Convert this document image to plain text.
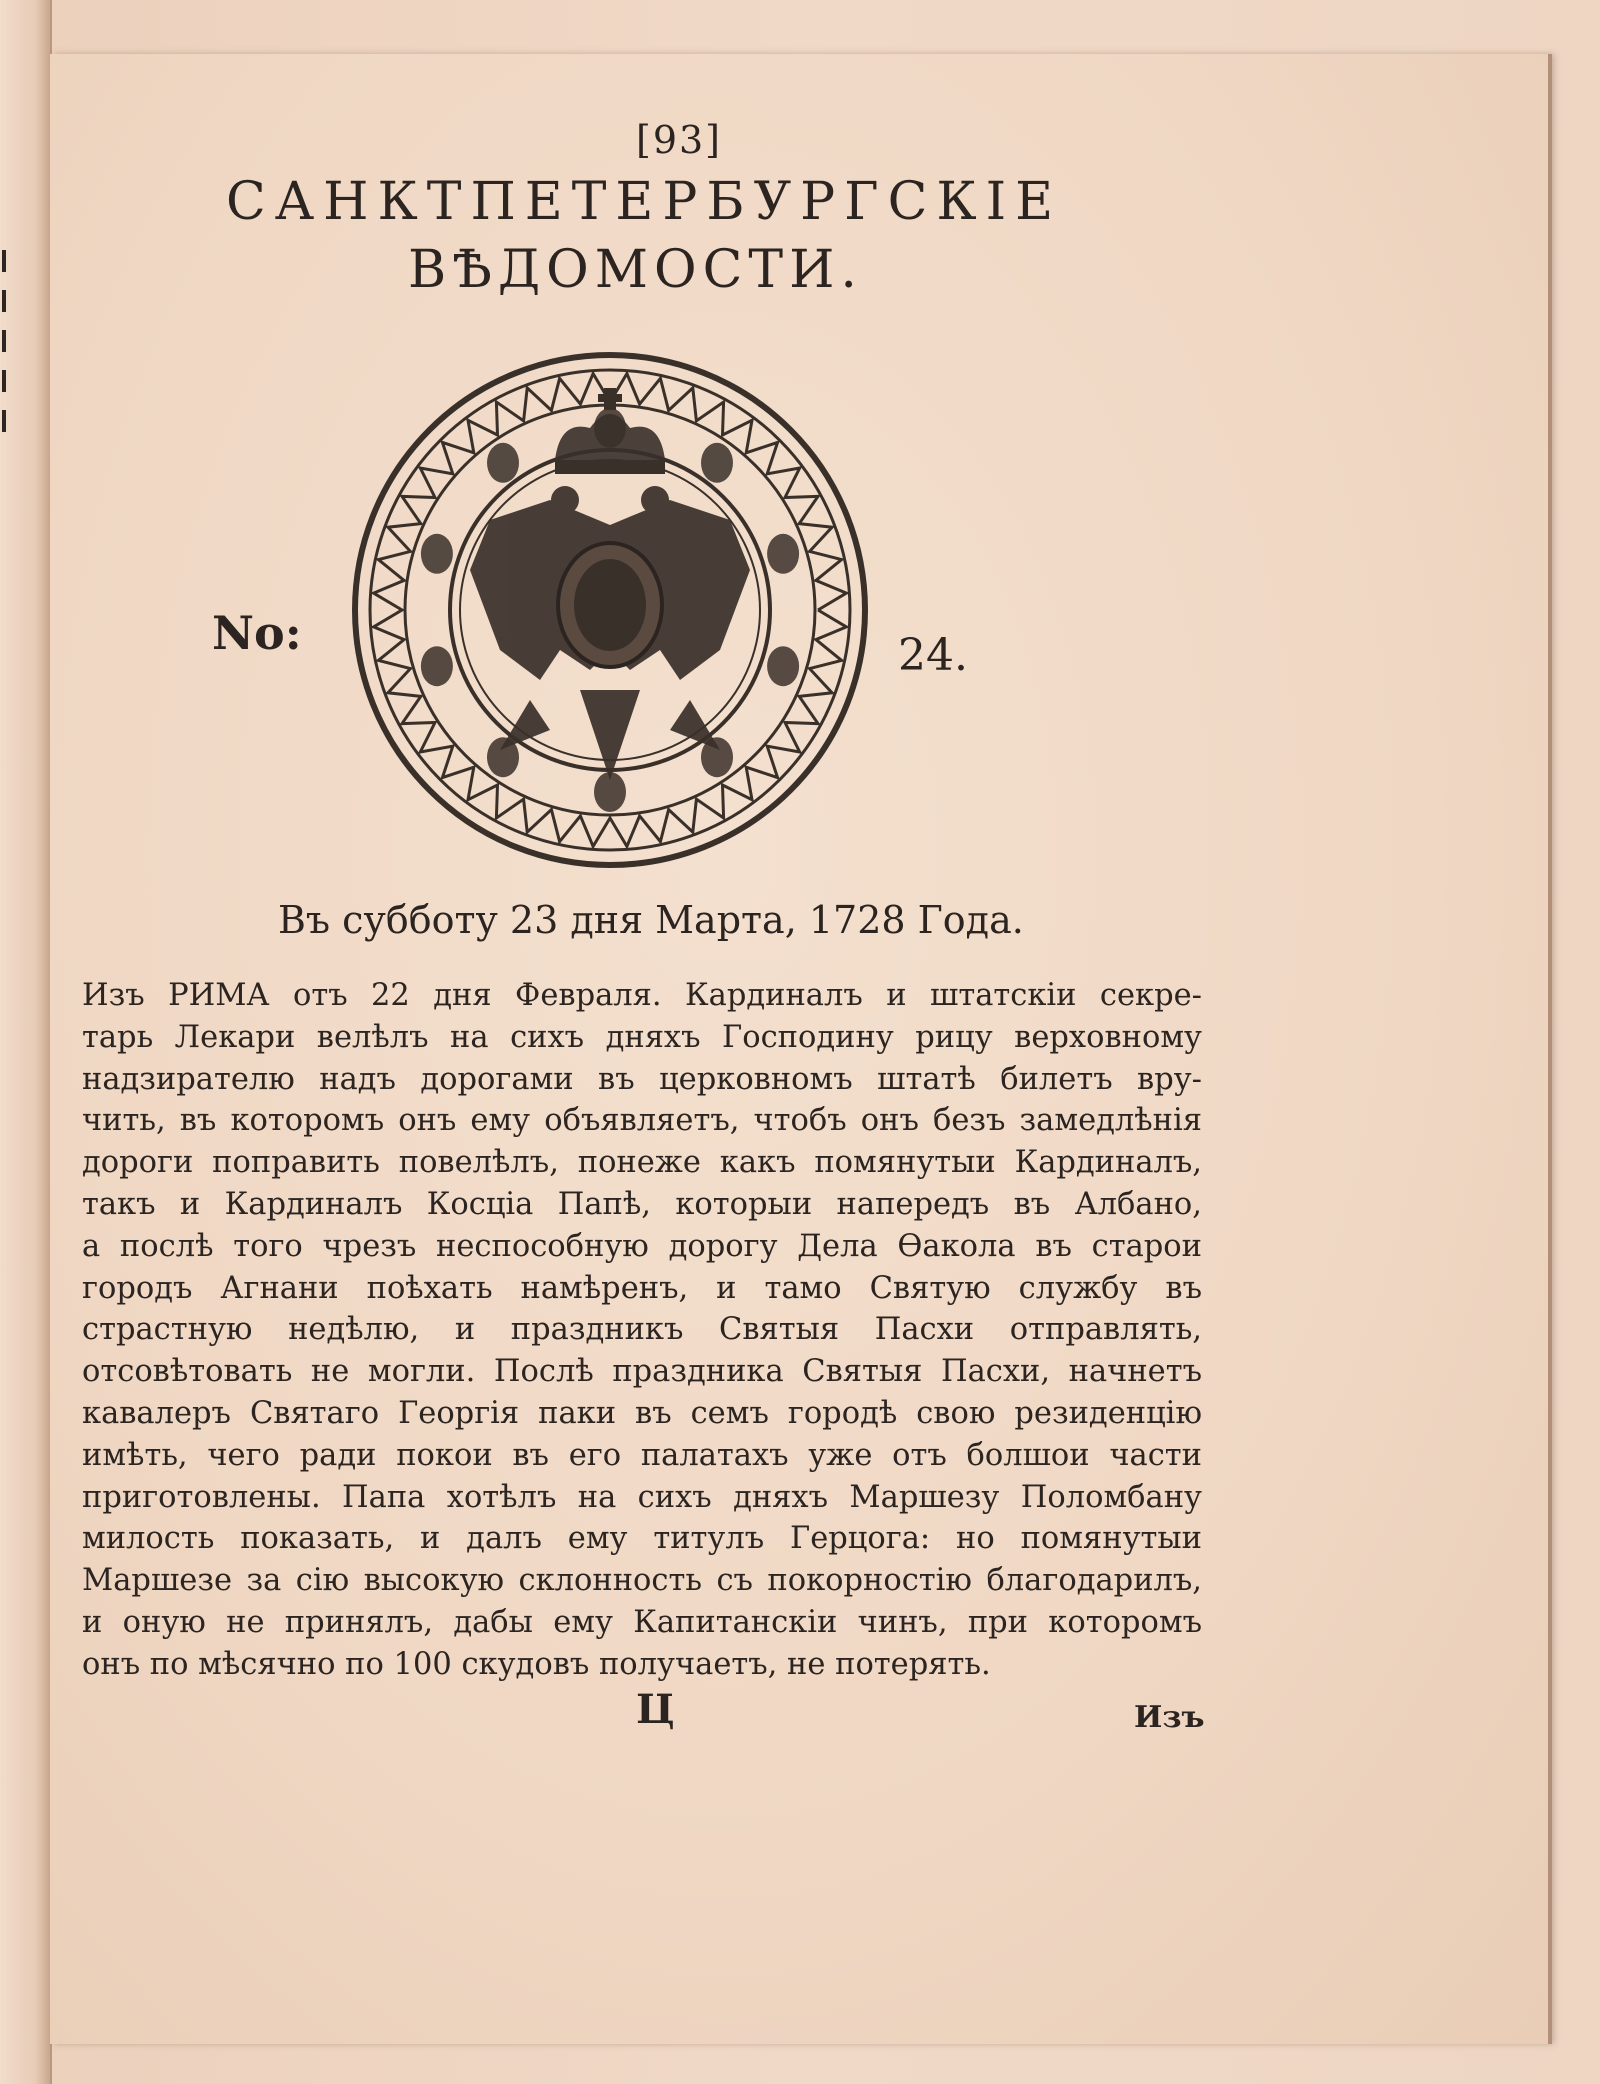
[93]
САНКТПЕТЕРБУРГСКІЕ
ВѢДОМОСТИ.
No:	24.
Въ субботу 23 дня Марта, 1728 Года.
Изъ РИМА отъ 22 дня Февраля. Кардиналъ и штатскіи секре-
тарь Лекари велѣлъ на сихъ дняхъ Господину рицу верховному
надзирателю надъ дорогами въ церковномъ штатѣ билетъ вру-
чить, въ которомъ онъ ему объявляетъ, чтобъ онъ безъ замедлѣнія
дороги поправить повелѣлъ, понеже какъ помянутыи Кардиналъ,
такъ и Кардиналъ Косціа Папѣ, которыи напередъ въ Албано,
а послѣ того чрезъ неспособную дорогу Дела Ѳакола въ старои
городъ Агнани поѣхать намѣренъ, и тамо Святую службу въ
страстную недѣлю, и праздникъ Святыя Пасхи отправлять,
отсовѣтовать не могли. Послѣ праздника Святыя Пасхи, начнетъ
кавалеръ Святаго Георгія паки въ семъ городѣ свою резиденцію
имѣть, чего ради покои въ его палатахъ уже отъ болшои части
приготовлены. Папа хотѣлъ на сихъ дняхъ Маршезу Поломбану
милость показать, и далъ ему титулъ Герцога: но помянутыи
Маршезе за сію высокую склонность съ покорностію благодарилъ,
и оную не принялъ, дабы ему Капитанскіи чинъ, при которомъ
онъ по мѣсячно по 100 скудовъ получаетъ, не потерять.
Ц	Изъ
